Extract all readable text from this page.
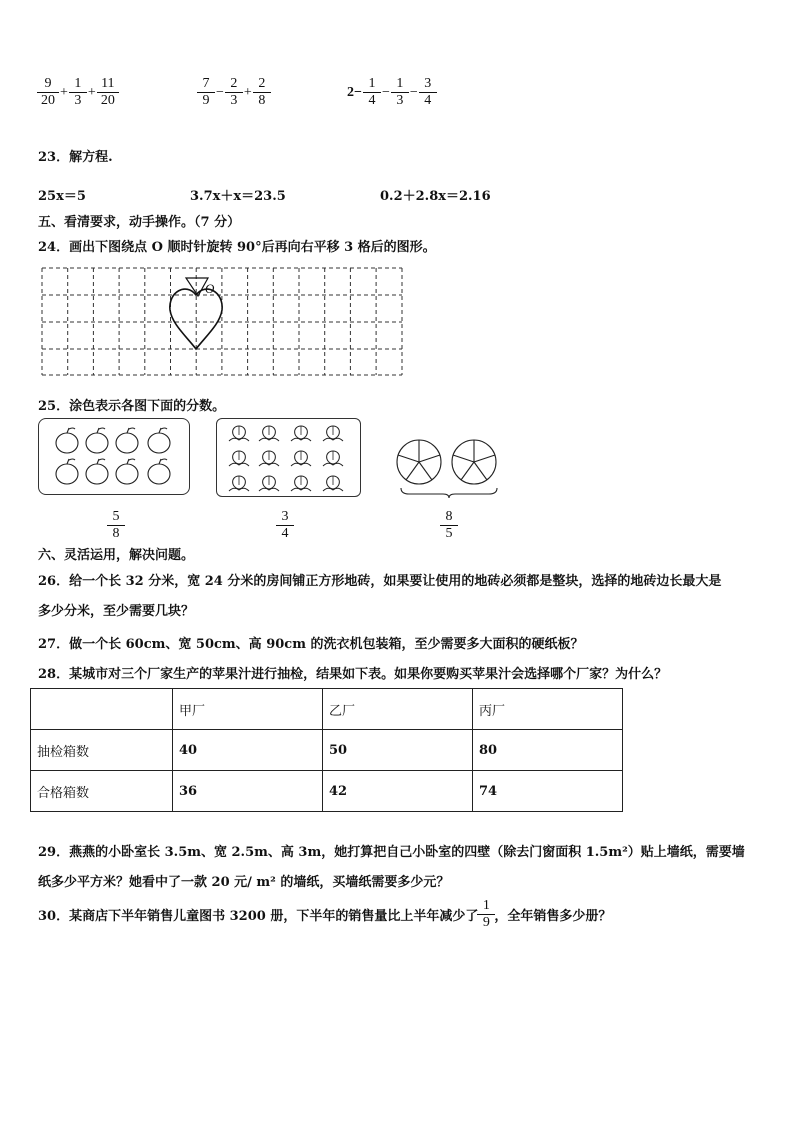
$\frac{9}{20} + \frac{1}{3} + \frac{11}{20}$	$\frac{7}{9} - \frac{2}{3} + \frac{2}{8}$	$2- \frac{1}{4} - \frac{1}{3} - \frac{3}{4}$
23．解方程.
25x＝5	3.7x＋x＝23.5	0.2＋2.8x＝2.16
五、看清要求，动手操作。（7 分）
24．画出下图绕点 O 顺时针旋转 90°后再向右平移 3 格后的图形。
O
25．涂色表示各图下面的分数。
5
8
3
4
8
5
六、灵活运用，解决问题。
26．给一个长 32 分米，宽 24 分米的房间铺正方形地砖，如果要让使用的地砖必须都是整块，选择的地砖边长最大是
多少分米，至少需要几块？
27．做一个长 60cm、宽 50cm、高 90cm 的洗衣机包装箱，至少需要多大面积的硬纸板？
28．某城市对三个厂家生产的苹果汁进行抽检，结果如下表。如果你要购买苹果汁会选择哪个厂家？为什么？
	甲厂	乙厂	丙厂
抽检箱数	40	50	80
合格箱数	36	42	74
29．燕燕的小卧室长 3.5m、宽 2.5m、高 3m，她打算把自己小卧室的四壁（除去门窗面积 1.5m²）贴上墙纸，需要墙
纸多少平方米？她看中了一款 20 元/ m² 的墙纸，买墙纸需要多少元？
30．某商店下半年销售儿童图书 3200 册，下半年的销售量比上半年减少了 $\frac{1}{9}$ ，全年销售多少册？
